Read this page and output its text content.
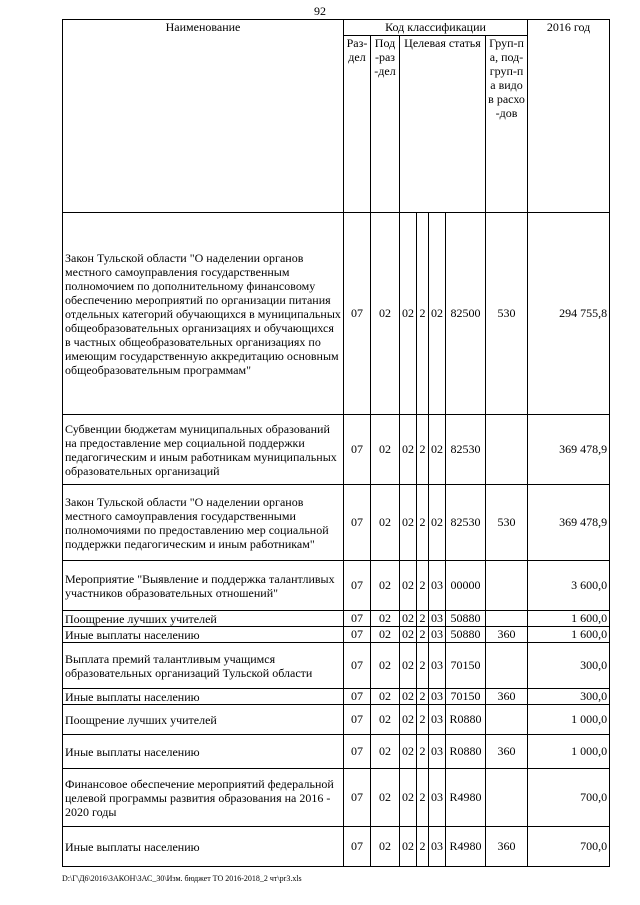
92
Наименование	Код классификации							2016 год
	Раз-дел	Под-раз-дел	Целевая статья				Груп-па, под-груп-па видов расхо-дов	
Закон Тульской области "О наделении органов местного самоуправления государственным полномочием по дополнительному финансовому обеспечению мероприятий по организации питания отдельных категорий обучающихся в муниципальных общеобразовательных организациях и обучающихся в частных общеобразовательных организациях по имеющим государственную аккредитацию основным общеобразовательным программам"	07	02	02	2	02	82500	530	294 755,8
Субвенции бюджетам муниципальных образований на предоставление мер социальной поддержки педагогическим и иным работникам муниципальных образовательных организаций	07	02	02	2	02	82530		369 478,9
Закон Тульской области "О наделении органов местного самоуправления государственными полномочиями по предоставлению мер социальной поддержки педагогическим и иным работникам"	07	02	02	2	02	82530	530	369 478,9
Мероприятие "Выявление и поддержка талантливых участников образовательных отношений"	07	02	02	2	03	00000		3 600,0
Поощрение лучших учителей	07	02	02	2	03	50880		1 600,0
Иные выплаты населению	07	02	02	2	03	50880	360	1 600,0
Выплата премий талантливым учащимся образовательных организаций Тульской области	07	02	02	2	03	70150		300,0
Иные выплаты населению	07	02	02	2	03	70150	360	300,0
Поощрение лучших учителей	07	02	02	2	03	R0880		1 000,0
Иные выплаты населению	07	02	02	2	03	R0880	360	1 000,0
Финансовое обеспечение мероприятий федеральной целевой программы развития образования на 2016 - 2020 годы	07	02	02	2	03	R4980		700,0
Иные выплаты населению	07	02	02	2	03	R4980	360	700,0
D:\Г\Д6\2016\ЗАКОН\ЗАС_30\Изм. бюджет ТО 2016-2018_2 чт\рr3.xls
